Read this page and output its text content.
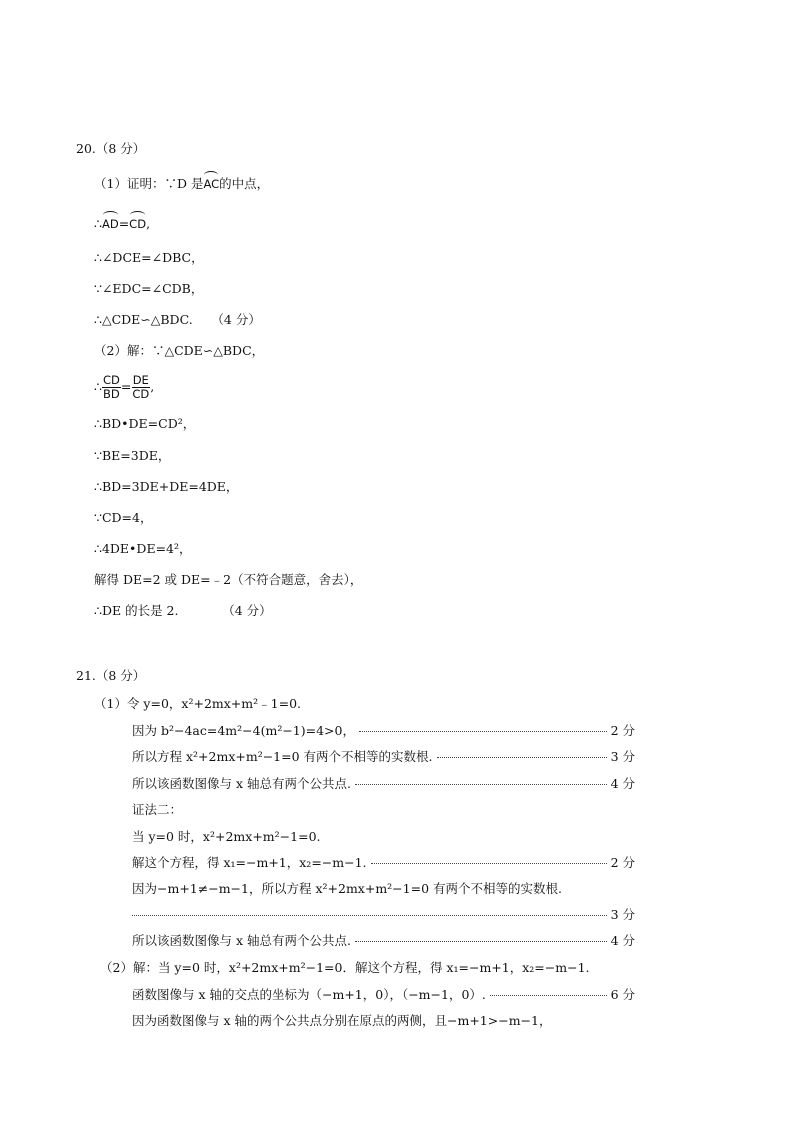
20.（8 分）
（1）证明：∵D 是AC的中点，
∴AD=CD,
∴∠DCE=∠DBC，
∵∠EDC=∠CDB，
∴△CDE∽△BDC.　　（4 分）
（2）解：∵△CDE∽△BDC，
∴ $\frac{CD}{BD} = \frac{DE}{CD}$ ,
∴BD•DE=CD²，
∵BE=3DE，
∴BD=3DE+DE=4DE，
∵CD=4，
∴4DE•DE=4²，
解得 DE=2 或 DE=﹣2（不符合题意，舍去），
∴DE 的长是 2.　　　　（4 分）
21.（8 分）
（1）令 y=0，x²+2mx+m²﹣1=0.
因为 b²−4ac=4m²−4(m²−1)=4>0，	2 分
所以方程 x²+2mx+m²−1=0 有两个不相等的实数根.	3 分
所以该函数图像与 x 轴总有两个公共点.	4 分
证法二：
当 y=0 时，x²+2mx+m²−1=0.
解这个方程，得 x₁=−m+1，x₂=−m−1.	2 分
因为−m+1≠−m−1，所以方程 x²+2mx+m²−1=0 有两个不相等的实数根.
3 分
所以该函数图像与 x 轴总有两个公共点.	4 分
（2）解：当 y=0 时，x²+2mx+m²−1=0．解这个方程，得 x₁=−m+1，x₂=−m−1.
函数图像与 x 轴的交点的坐标为（−m+1，0），（−m−1，0）.	6 分
因为函数图像与 x 轴的两个公共点分别在原点的两侧，且−m+1>−m−1，
